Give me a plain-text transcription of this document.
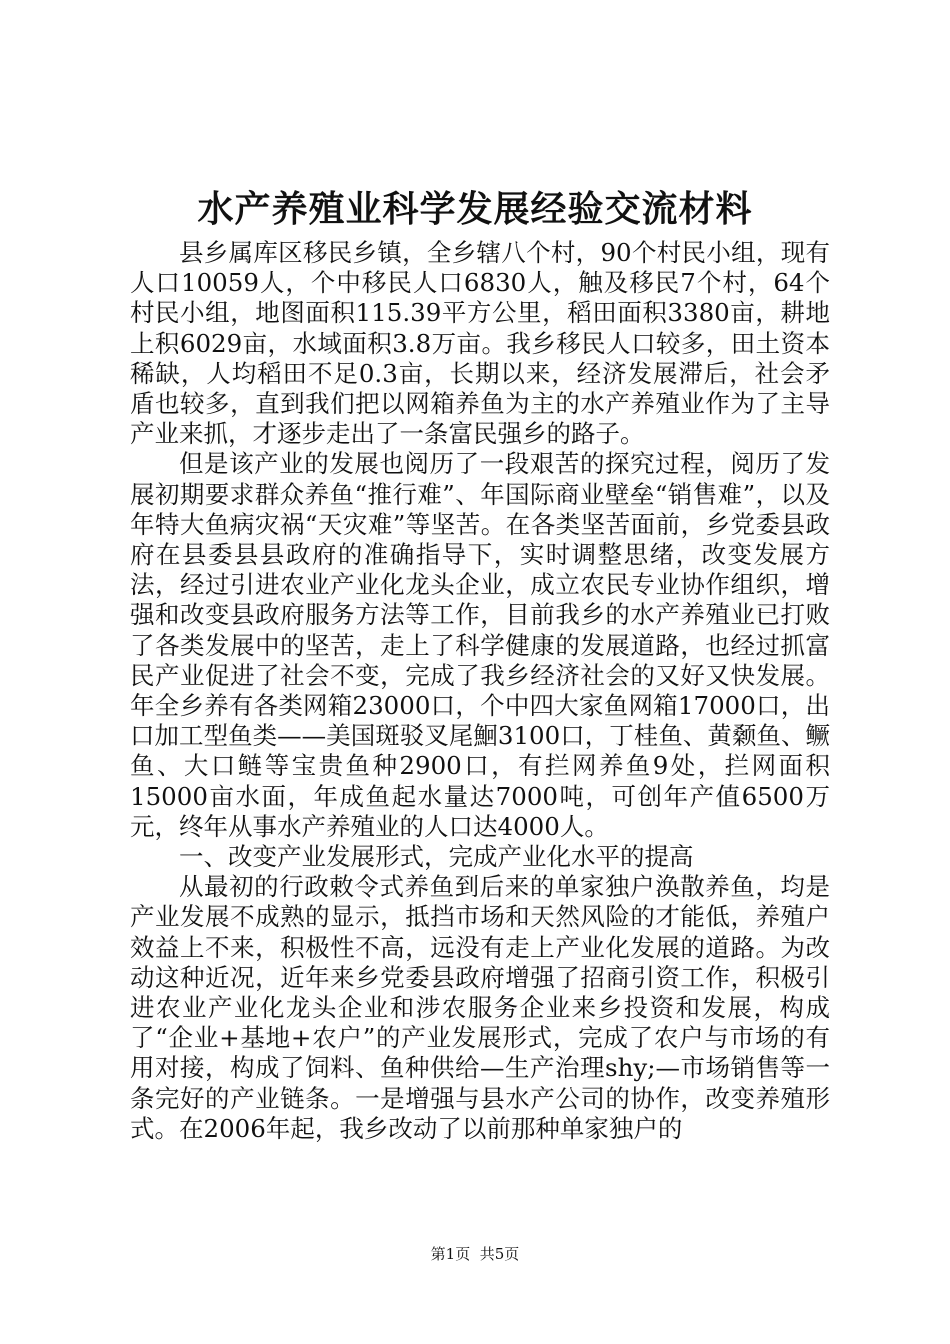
水产养殖业科学发展经验交流材料

县乡属库区移民乡镇，全乡辖八个村，90个村民小组，现有人口10059人，个中移民人口6830人，触及移民7个村，64个村民小组，地图面积115.39平方公里，稻田面积3380亩，耕地上积6029亩，水域面积3.8万亩。我乡移民人口较多，田土资本稀缺，人均稻田不足0.3亩，长期以来，经济发展滞后，社会矛盾也较多，直到我们把以网箱养鱼为主的水产养殖业作为了主导产业来抓，才逐步走出了一条富民强乡的路子。

但是该产业的发展也阅历了一段艰苦的探究过程，阅历了发展初期要求群众养鱼“推行难”、年国际商业壁垒“销售难”，以及年特大鱼病灾祸“天灾难”等坚苦。在各类坚苦面前，乡党委县政府在县委县县政府的准确指导下，实时调整思绪，改变发展方法，经过引进农业产业化龙头企业，成立农民专业协作组织，增强和改变县政府服务方法等工作，目前我乡的水产养殖业已打败了各类发展中的坚苦，走上了科学健康的发展道路，也经过抓富民产业促进了社会不变，完成了我乡经济社会的又好又快发展。年全乡养有各类网箱23000口，个中四大家鱼网箱17000口，出口加工型鱼类——美国斑驳叉尾鮰3100口，丁桂鱼、黄颡鱼、鳜鱼、大口鲢等宝贵鱼种2900口，有拦网养鱼9处，拦网面积15000亩水面，年成鱼起水量达7000吨，可创年产值6500万元，终年从事水产养殖业的人口达4000人。

一、改变产业发展形式，完成产业化水平的提高

从最初的行政敕令式养鱼到后来的单家独户涣散养鱼，均是产业发展不成熟的显示，抵挡市场和天然风险的才能低，养殖户效益上不来，积极性不高，远没有走上产业化发展的道路。为改动这种近况，近年来乡党委县政府增强了招商引资工作，积极引进农业产业化龙头企业和涉农服务企业来乡投资和发展，构成了“企业+基地+农户”的产业发展形式，完成了农户与市场的有用对接，构成了饲料、鱼种供给—生产治理shy;—市场销售等一条完好的产业链条。一是增强与县水产公司的协作，改变养殖形式。在2006年起，我乡改动了以前那种单家独户的

第1页 共5页
